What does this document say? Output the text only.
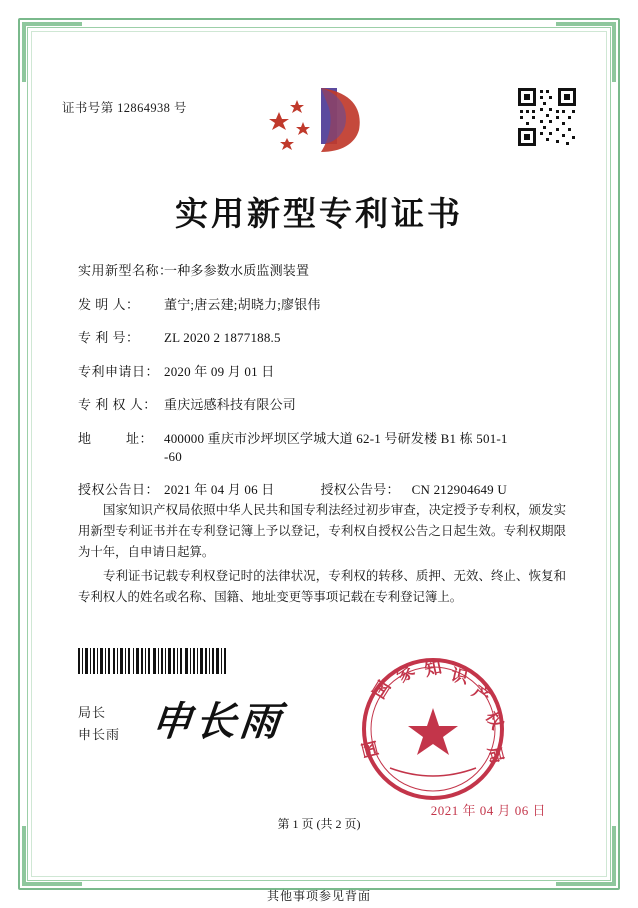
证书号第 12864938 号
实用新型专利证书
实用新型名称：
一种多参数水质监测装置
发 明 人：	董宁;唐云建;胡晓力;廖银伟
专 利 号：	ZL 2020 2 1877188.5
专利申请日： 2020 年 09 月 01 日
专 利 权 人： 重庆远感科技有限公司
地 　　 址： 400000 重庆市沙坪坝区学城大道 62-1 号研发楼 B1 栋 501-1
-60
授权公告日： 2021 年 04 月 06 日	授权公告号： CN 212904649 U

国家知识产权局依照中华人民共和国专利法经过初步审查，决定授予专利权，颁发实用新型专利证书并在专利登记簿上予以登记，专利权自授权公告之日起生效。专利权期限为十年，自申请日起算。

专利证书记载专利权登记时的法律状况，专利权的转移、质押、无效、终止、恢复和专利权人的姓名或名称、国籍、地址变更等事项记载在专利登记簿上。

局长
申长雨 申长雨
国
家 知 识
产
权
局
国
2021 年 04 月 06 日
第 1 页 (共 2 页)
其他事项参见背面
